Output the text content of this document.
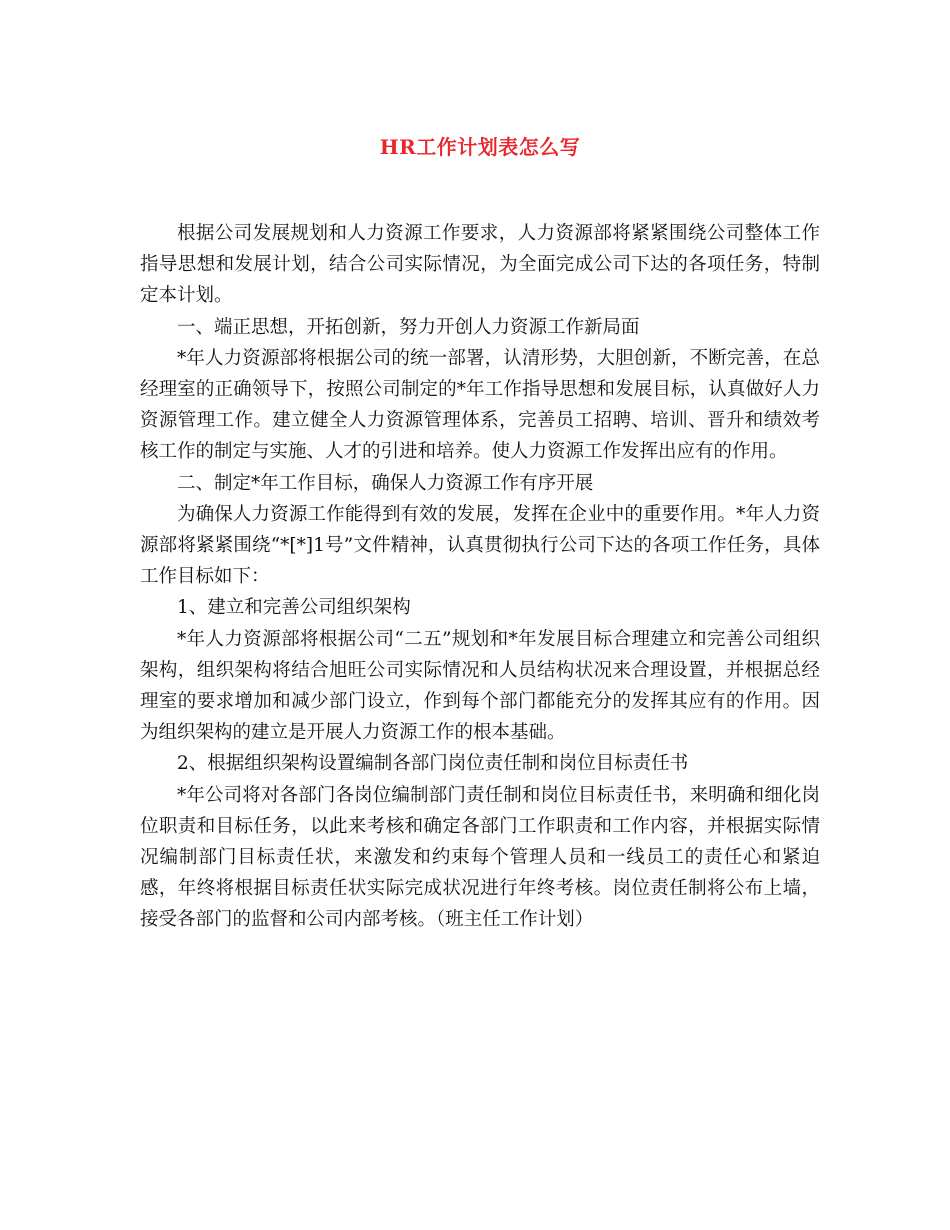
HR工作计划表怎么写

根据公司发展规划和人力资源工作要求，人力资源部将紧紧围绕公司整体工作指导思想和发展计划，结合公司实际情况，为全面完成公司下达的各项任务，特制定本计划。

一、端正思想，开拓创新，努力开创人力资源工作新局面

*年人力资源部将根据公司的统一部署，认清形势，大胆创新，不断完善，在总经理室的正确领导下，按照公司制定的*年工作指导思想和发展目标，认真做好人力资源管理工作。建立健全人力资源管理体系，完善员工招聘、培训、晋升和绩效考核工作的制定与实施、人才的引进和培养。使人力资源工作发挥出应有的作用。

二、制定*年工作目标，确保人力资源工作有序开展

为确保人力资源工作能得到有效的发展，发挥在企业中的重要作用。*年人力资源部将紧紧围绕“*[*]1号”文件精神，认真贯彻执行公司下达的各项工作任务，具体工作目标如下：

1、建立和完善公司组织架构

*年人力资源部将根据公司“二五”规划和*年发展目标合理建立和完善公司组织架构，组织架构将结合旭旺公司实际情况和人员结构状况来合理设置，并根据总经理室的要求增加和减少部门设立，作到每个部门都能充分的发挥其应有的作用。因为组织架构的建立是开展人力资源工作的根本基础。

2、根据组织架构设置编制各部门岗位责任制和岗位目标责任书

*年公司将对各部门各岗位编制部门责任制和岗位目标责任书，来明确和细化岗位职责和目标任务，以此来考核和确定各部门工作职责和工作内容，并根据实际情况编制部门目标责任状，来激发和约束每个管理人员和一线员工的责任心和紧迫感，年终将根据目标责任状实际完成状况进行年终考核。岗位责任制将公布上墙，接受各部门的监督和公司内部考核。（班主任工作计划）
